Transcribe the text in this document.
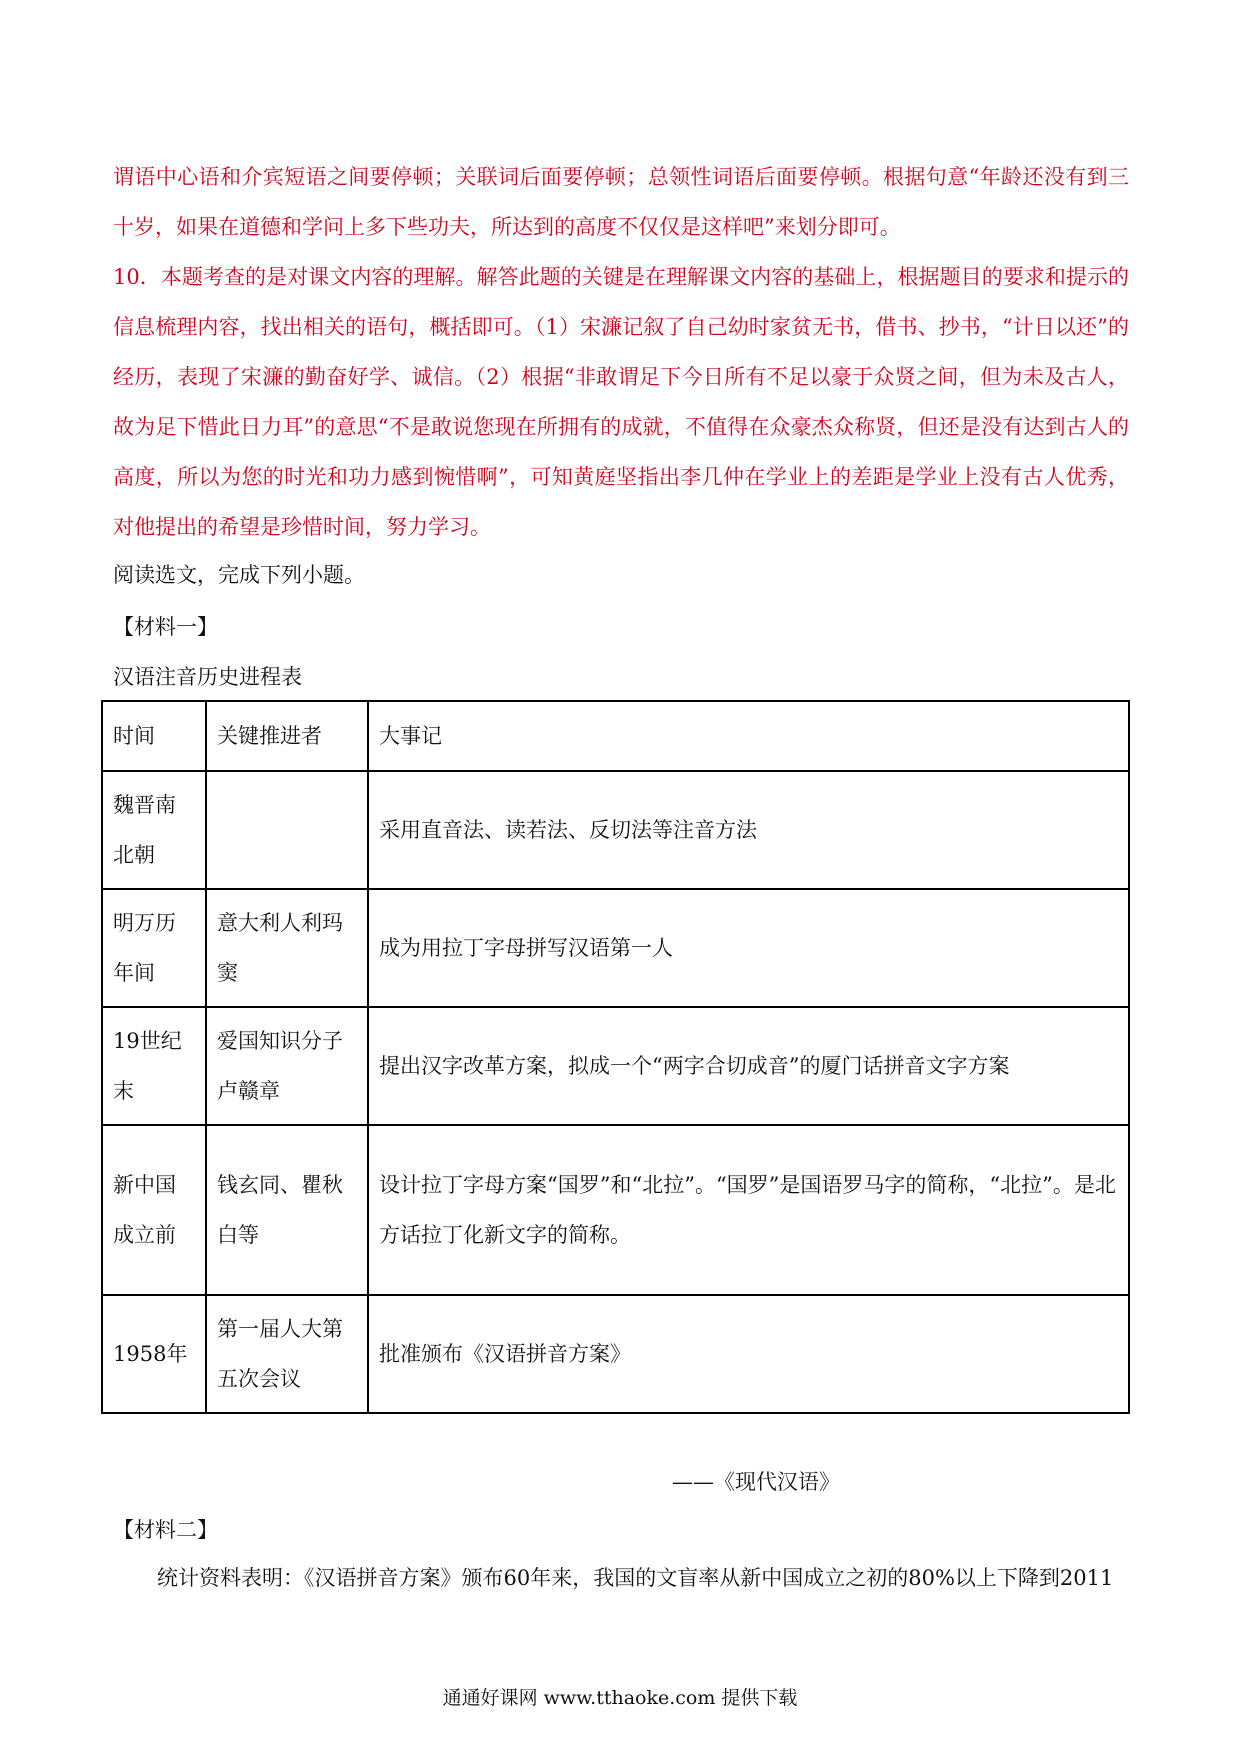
谓语中心语和介宾短语之间要停顿；关联词后面要停顿；总领性词语后面要停顿。根据句意“年龄还没有到三十岁，如果在道德和学问上多下些功夫，所达到的高度不仅仅是这样吧”来划分即可。

10．本题考查的是对课文内容的理解。解答此题的关键是在理解课文内容的基础上，根据题目的要求和提示的信息梳理内容，找出相关的语句，概括即可。（1）宋濂记叙了自己幼时家贫无书，借书、抄书，“计日以还”的经历，表现了宋濂的勤奋好学、诚信。（2）根据“非敢谓足下今日所有不足以豪于众贤之间，但为未及古人，故为足下惜此日力耳”的意思“不是敢说您现在所拥有的成就，不值得在众豪杰众称贤，但还是没有达到古人的高度，所以为您的时光和功力感到惋惜啊”，可知黄庭坚指出李几仲在学业上的差距是学业上没有古人优秀，对他提出的希望是珍惜时间，努力学习。

阅读选文，完成下列小题。
【材料一】
汉语注音历史进程表
时间	关键推进者	大事记
魏晋南北朝		采用直音法、读若法、反切法等注音方法
明万历年间	意大利人利玛窦	成为用拉丁字母拼写汉语第一人
19世纪末	爱国知识分子卢赣章	提出汉字改革方案，拟成一个“两字合切成音”的厦门话拼音文字方案
新中国成立前	钱玄同、瞿秋白等	设计拉丁字母方案“国罗”和“北拉”。“国罗”是国语罗马字的简称，“北拉”。是北方话拉丁化新文字的简称。
1958年	第一届人大第五次会议	批准颁布《汉语拼音方案》
——《现代汉语》
【材料二】
统计资料表明：《汉语拼音方案》颁布60年来，我国的文盲率从新中国成立之初的80%以上下降到2011
通通好课网 www.tthaoke.com 提供下载
